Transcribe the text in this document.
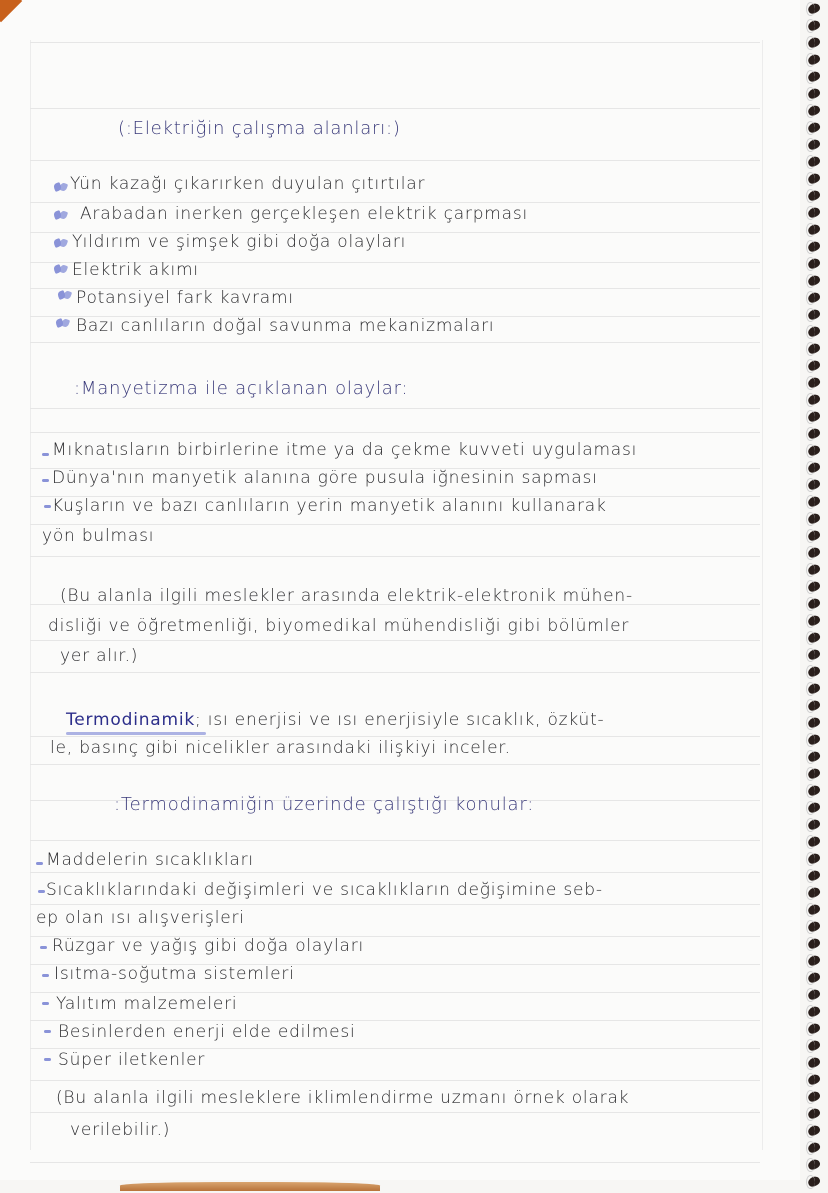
(:Elektriğin çalışma alanları:)
Yün kazağı çıkarırken duyulan çıtırtılar
Arabadan inerken gerçekleşen elektrik çarpması
Yıldırım ve şimşek gibi doğa olayları
Elektrik akımı
Potansiyel fark kavramı
Bazı canlıların doğal savunma mekanizmaları
:Manyetizma ile açıklanan olaylar:
Mıknatısların birbirlerine itme ya da çekme kuvveti uygulaması
Dünya'nın manyetik alanına göre pusula iğnesinin sapması
Kuşların ve bazı canlıların yerin manyetik alanını kullanarak
yön bulması
(Bu alanla ilgili meslekler arasında elektrik-elektronik mühen-
disliği ve öğretmenliği, biyomedikal mühendisliği gibi bölümler
yer alır.)
Termodinamik; ısı enerjisi ve ısı enerjisiyle sıcaklık, özküt-
le, basınç gibi nicelikler arasındaki ilişkiyi inceler.
:Termodinamiğin üzerinde çalıştığı konular:
Maddelerin sıcaklıkları
Sıcaklıklarındaki değişimleri ve sıcaklıkların değişimine seb-
ep olan ısı alışverişleri
Rüzgar ve yağış gibi doğa olayları
Isıtma-soğutma sistemleri
Yalıtım malzemeleri
Besinlerden enerji elde edilmesi
Süper iletkenler
(Bu alanla ilgili mesleklere iklimlendirme uzmanı örnek olarak
verilebilir.)
